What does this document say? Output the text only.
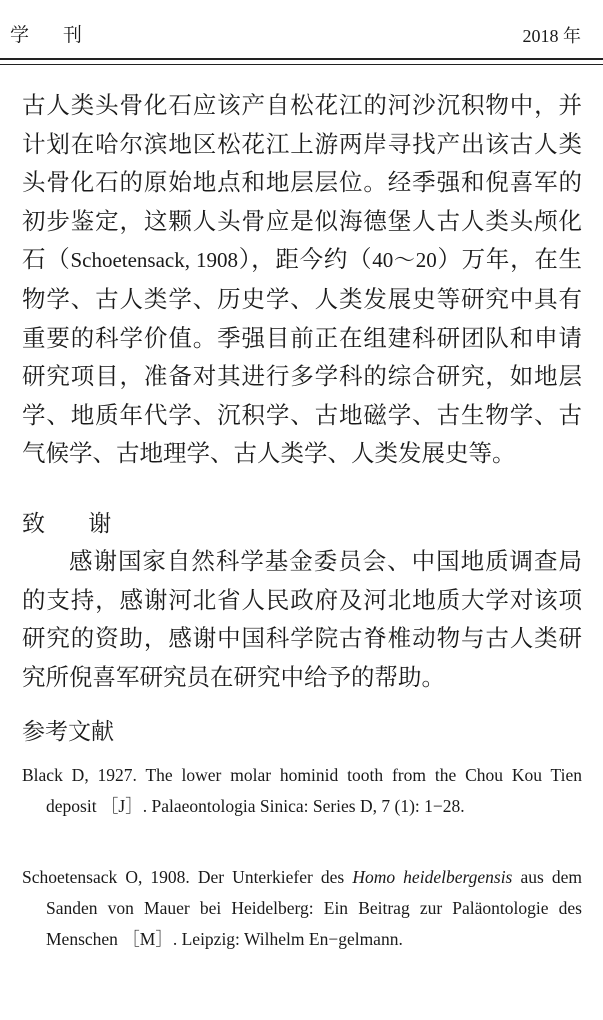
学 刊	2018 年

古人类头骨化石应该产自松花江的河沙沉积物中，并计划在哈尔滨地区松花江上游两岸寻找产出该古人类头骨化石的原始地点和地层层位。经季强和倪喜军的初步鉴定，这颗人头骨应是似海德堡人古人类头颅化石（Schoetensack, 1908），距今约（40～20）万年，在生物学、古人类学、历史学、人类发展史等研究中具有重要的科学价值。季强目前正在组建科研团队和申请研究项目，准备对其进行多学科的综合研究，如地层学、地质年代学、沉积学、古地磁学、古生物学、古气候学、古地理学、古人类学、人类发展史等。

致 谢

感谢国家自然科学基金委员会、中国地质调查局的支持，感谢河北省人民政府及河北地质大学对该项研究的资助，感谢中国科学院古脊椎动物与古人类研究所倪喜军研究员在研究中给予的帮助。

参考文献

Black D, 1927. The lower molar hominid tooth from the Chou Kou Tien deposit ［J］. Palaeontologia Sinica: Series D, 7 (1): 1−28.

Schoetensack O, 1908. Der Unterkiefer des Homo heidelbergensis aus dem Sanden von Mauer bei Heidelberg: Ein Beitrag zur Paläontologie des Menschen ［M］. Leipzig: Wilhelm En−gelmann.
